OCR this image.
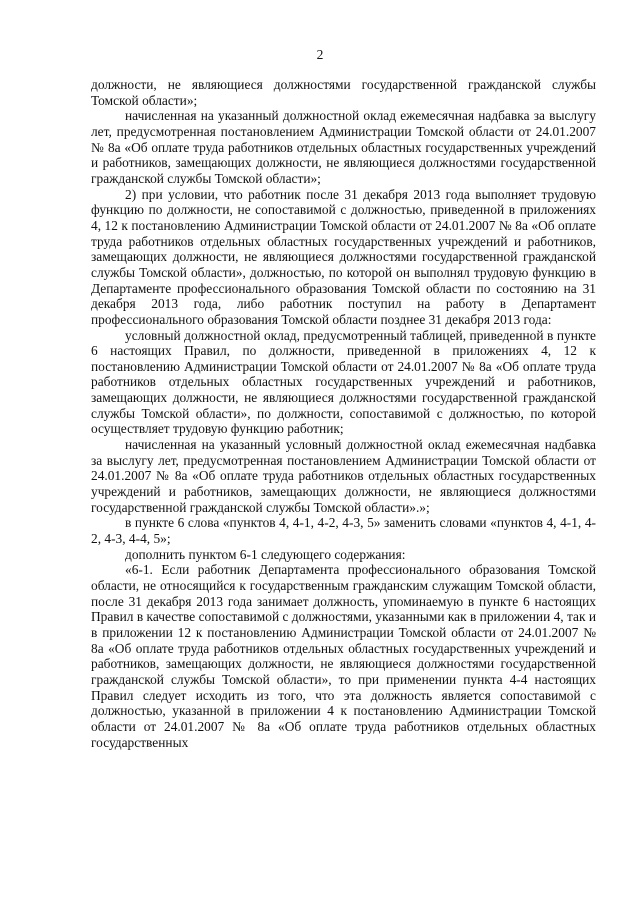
2

должности, не являющиеся должностями государственной гражданской службы Томской области»;

начисленная на указанный должностной оклад ежемесячная надбавка за выслугу лет, предусмотренная постановлением Администрации Томской области от 24.01.2007 № 8а «Об оплате труда работников отдельных областных государственных учреждений и работников, замещающих должности, не являющиеся должностями государственной гражданской службы Томской области»;

2) при условии, что работник после 31 декабря 2013 года выполняет трудовую функцию по должности, не сопоставимой с должностью, приведенной в приложениях 4, 12 к постановлению Администрации Томской области от 24.01.2007 № 8а «Об оплате труда работников отдельных областных государственных учреждений и работников, замещающих должности, не являющиеся должностями государственной гражданской службы Томской области», должностью, по которой он выполнял трудовую функцию в Департаменте профессионального образования Томской области по состоянию на 31 декабря 2013 года, либо работник поступил на работу в Департамент профессионального образования Томской области позднее 31 декабря 2013 года:

условный должностной оклад, предусмотренный таблицей, приведенной в пункте 6 настоящих Правил, по должности, приведенной в приложениях 4, 12 к постановлению Администрации Томской области от 24.01.2007 № 8а «Об оплате труда работников отдельных областных государственных учреждений и работников, замещающих должности, не являющиеся должностями государственной гражданской службы Томской области», по должности, сопоставимой с должностью, по которой осуществляет трудовую функцию работник;

начисленная на указанный условный должностной оклад ежемесячная надбавка за выслугу лет, предусмотренная постановлением Администрации Томской области от 24.01.2007 № 8а «Об оплате труда работников отдельных областных государственных учреждений и работников, замещающих должности, не являющиеся должностями государственной гражданской службы Томской области».»;

в пункте 6 слова «пунктов 4, 4-1, 4-2, 4-3, 5» заменить словами «пунктов 4, 4-1, 4-2, 4-3, 4-4, 5»;

дополнить пунктом 6-1 следующего содержания:

«6-1. Если работник Департамента профессионального образования Томской области, не относящийся к государственным гражданским служащим Томской области, после 31 декабря 2013 года занимает должность, упоминаемую в пункте 6 настоящих Правил в качестве сопоставимой с должностями, указанными как в приложении 4, так и в приложении 12 к постановлению Администрации Томской области от 24.01.2007 № 8а «Об оплате труда работников отдельных областных государственных учреждений и работников, замещающих должности, не являющиеся должностями государственной гражданской службы Томской области», то при применении пункта 4-4 настоящих Правил следует исходить из того, что эта должность является сопоставимой с должностью, указанной в приложении 4 к постановлению Администрации Томской области от 24.01.2007 № 8а «Об оплате труда работников отдельных областных государственных
